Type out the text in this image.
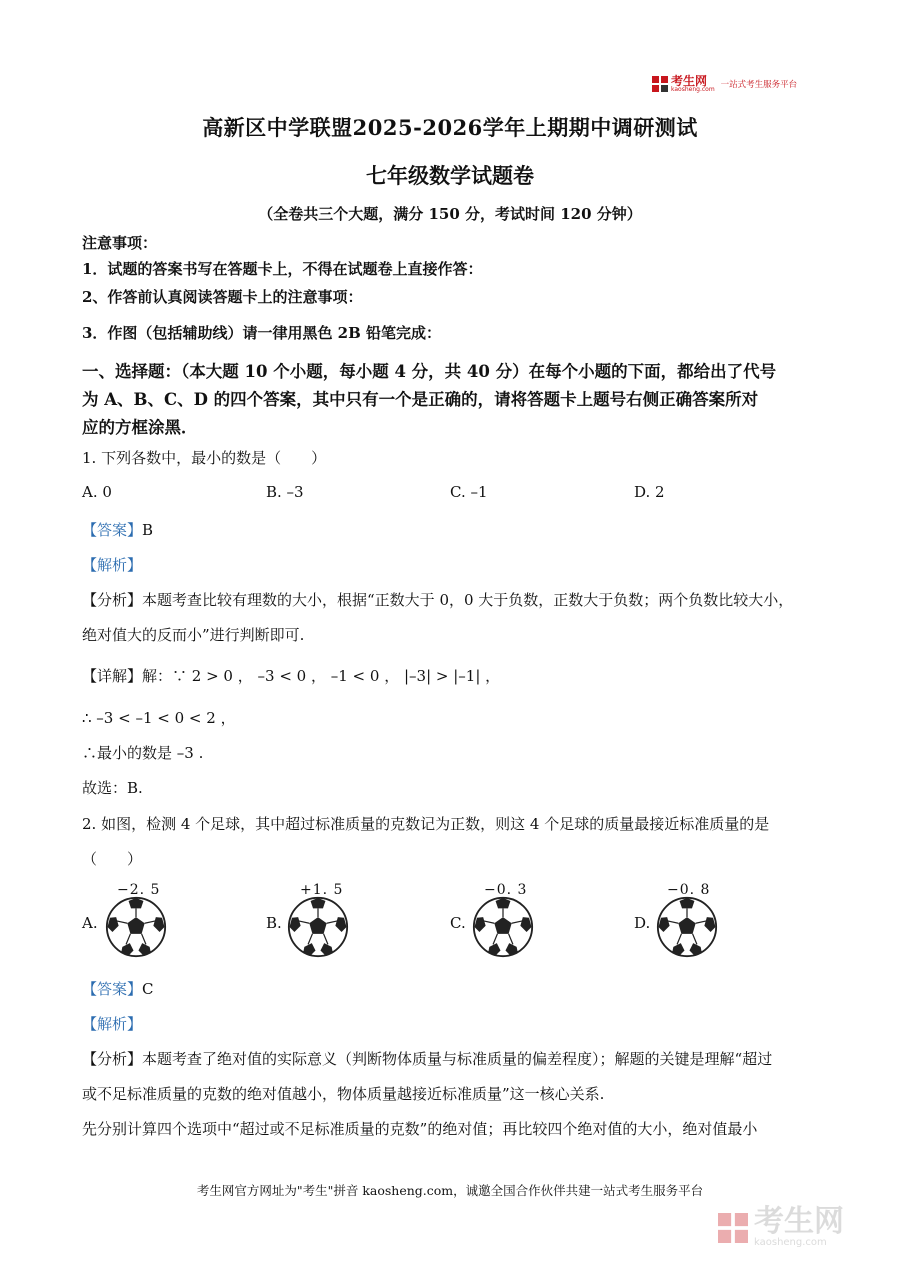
考生网
kaosheng.com 一站式考生服务平台
高新区中学联盟2025-2026学年上期期中调研测试
七年级数学试题卷
（全卷共三个大题，满分 150 分，考试时间 120 分钟）
注意事项：
1．试题的答案书写在答题卡上，不得在试题卷上直接作答：
2、作答前认真阅读答题卡上的注意事项：
3．作图（包括辅助线）请一律用黑色 2B 铅笔完成：
一、选择题：（本大题 10 个小题，每小题 4 分，共 40 分）在每个小题的下面，都给出了代号
为 A、B、C、D 的四个答案，其中只有一个是正确的，请将答题卡上题号右侧正确答案所对
应的方框涂黑．
1. 下列各数中，最小的数是（　　）
A. 0	B. –3	C. –1	D. 2
【答案】B
【解析】
【分析】本题考查比较有理数的大小，根据“正数大于 0，0 大于负数，正数大于负数；两个负数比较大小，
绝对值大的反而小”进行判断即可.
【详解】解：∵ 2 > 0 ， –3 < 0 ， –1 < 0 ， |–3| > |–1| ，
∴ –3 < –1 < 0 < 2 ，
∴最小的数是 –3 .
故选：B.
2. 如图，检测 4 个足球，其中超过标准质量的克数记为正数，则这 4 个足球的质量最接近标准质量的是
（　　）
−2. 5
A.
+1. 5
B.
−0. 3
C.
−0. 8
D.
【答案】C
【解析】
【分析】本题考查了绝对值的实际意义（判断物体质量与标准质量的偏差程度）；解题的关键是理解“超过
或不足标准质量的克数的绝对值越小，物体质量越接近标准质量”这一核心关系.
先分别计算四个选项中“超过或不足标准质量的克数”的绝对值；再比较四个绝对值的大小，绝对值最小
考生网官方网址为"考生"拼音 kaosheng.com，诚邀全国合作伙伴共建一站式考生服务平台
考生网
kaosheng.com
